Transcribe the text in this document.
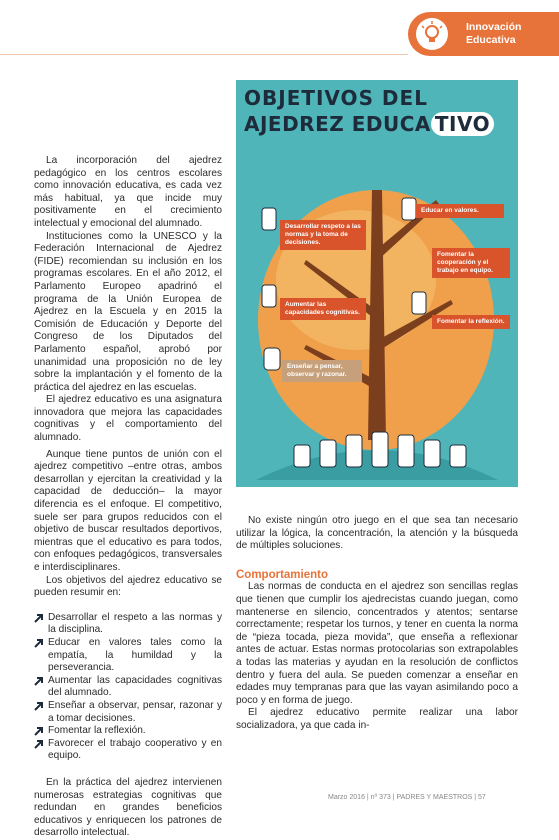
Innovación
Educativa
OBJETIVOS DEL
AJEDREZ EDUCA TIVO
Desarrollar respeto a las normas y la toma de decisiones.
Educar en valores.
Fomentar la cooperación y el trabajo en equipo.
Aumentar las capacidades cognitivas.
Fomentar la reflexión.
Enseñar a pensar, observar y razonar.

La incorporación del ajedrez pedagógico en los centros escolares como innovación educativa, es cada vez más habitual, ya que incide muy positivamente en el crecimiento intelectual y emocional del alumnado.

Instituciones como la UNESCO y la Federación Internacional de Ajedrez (FIDE) recomiendan su inclusión en los programas escolares. En el año 2012, el Parlamento Europeo apadrinó el programa de la Unión Europea de Ajedrez en la Escuela y en 2015 la Comisión de Educación y Deporte del Congreso de los Diputados del Parlamento español, aprobó por unanimidad una proposición no de ley sobre la implantación y el fomento de la práctica del ajedrez en las escuelas.

El ajedrez educativo es una asignatura innovadora que mejora las capacidades cognitivas y el comportamiento del alumnado.

Aunque tiene puntos de unión con el ajedrez competitivo –entre otras, ambos desarrollan y ejercitan la creatividad y la capacidad de deducción– la mayor diferencia es el enfoque. El competitivo, suele ser para grupos reducidos con el objetivo de buscar resultados deportivos, mientras que el educativo es para todos, con enfoques pedagógicos, transversales e interdisciplinares.

Los objetivos del ajedrez educativo se pueden resumir en:

Desarrollar el respeto a las normas y la disciplina.
Educar en valores tales como la empatía, la humildad y la perseverancia.
Aumentar las capacidades cognitivas del alumnado.
Enseñar a observar, pensar, razonar y a tomar decisiones.
Fomentar la reflexión.
Favorecer el trabajo cooperativo y en equipo.

En la práctica del ajedrez intervienen numerosas estrategias cognitivas que redundan en grandes beneficios educativos y enriquecen los patrones de desarrollo intelectual.

No existe ningún otro juego en el que sea tan necesario utilizar la lógica, la concentración, la atención y la búsqueda de múltiples soluciones.

Comportamiento

Las normas de conducta en el ajedrez son sencillas reglas que tienen que cumplir los ajedrecistas cuando juegan, como mantenerse en silencio, concentrados y atentos; sentarse correctamente; respetar los turnos, y tener en cuenta la norma de “pieza tocada, pieza movida”, que enseña a reflexionar antes de actuar. Estas normas protocolarias son extrapolables a todas las materias y ayudan en la resolución de conflictos dentro y fuera del aula. Se pueden comenzar a enseñar en edades muy tempranas para que las vayan asimilando poco a poco y en forma de juego.

El ajedrez educativo permite realizar una labor socializadora, ya que cada in-

Marzo 2016 | nº 373 | PADRES Y MAESTROS | 57
